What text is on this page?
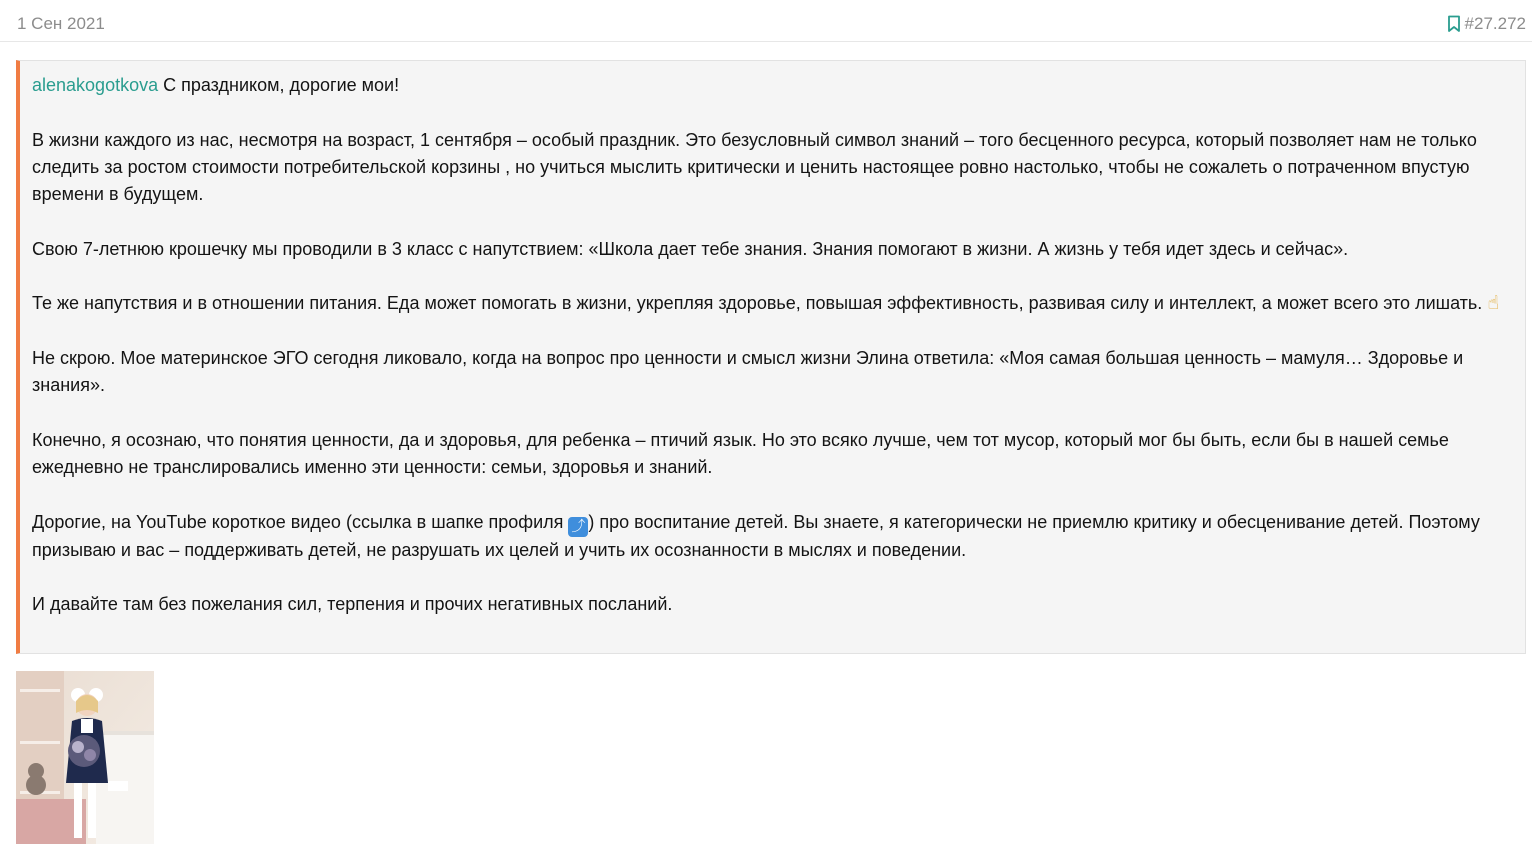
1 Сен 2021	#27.272

alenakogotkova С праздником, дорогие мои!

В жизни каждого из нас, несмотря на возраст, 1 сентября – особый праздник. Это безусловный символ знаний – того бесценного ресурса, который позволяет нам не только следить за ростом стоимости потребительской корзины , но учиться мыслить критически и ценить настоящее ровно настолько, чтобы не сожалеть о потраченном впустую времени в будущем.

Свою 7-летнюю крошечку мы проводили в 3 класс с напутствием: «Школа дает тебе знания. Знания помогают в жизни. А жизнь у тебя идет здесь и сейчас».

Те же напутствия и в отношении питания. Еда может помогать в жизни, укрепляя здоровье, повышая эффективность, развивая силу и интеллект, а может всего это лишать. ☝

Не скрою. Мое материнское ЭГО сегодня ликовало, когда на вопрос про ценности и смысл жизни Элина ответила: «Моя самая большая ценность – мамуля… Здоровье и знания».

Конечно, я осознаю, что понятия ценности, да и здоровья, для ребенка – птичий язык. Но это всяко лучше, чем тот мусор, который мог бы быть, если бы в нашей семье ежедневно не транслировались именно эти ценности: семьи, здоровья и знаний.

Дорогие, на YouTube короткое видео (ссылка в шапке профиля ⤴ ) про воспитание детей. Вы знаете, я категорически не приемлю критику и обесценивание детей. Поэтому призываю и вас – поддерживать детей, не разрушать их целей и учить их осознанности в мыслях и поведении.

И давайте там без пожелания сил, терпения и прочих негативных посланий.
